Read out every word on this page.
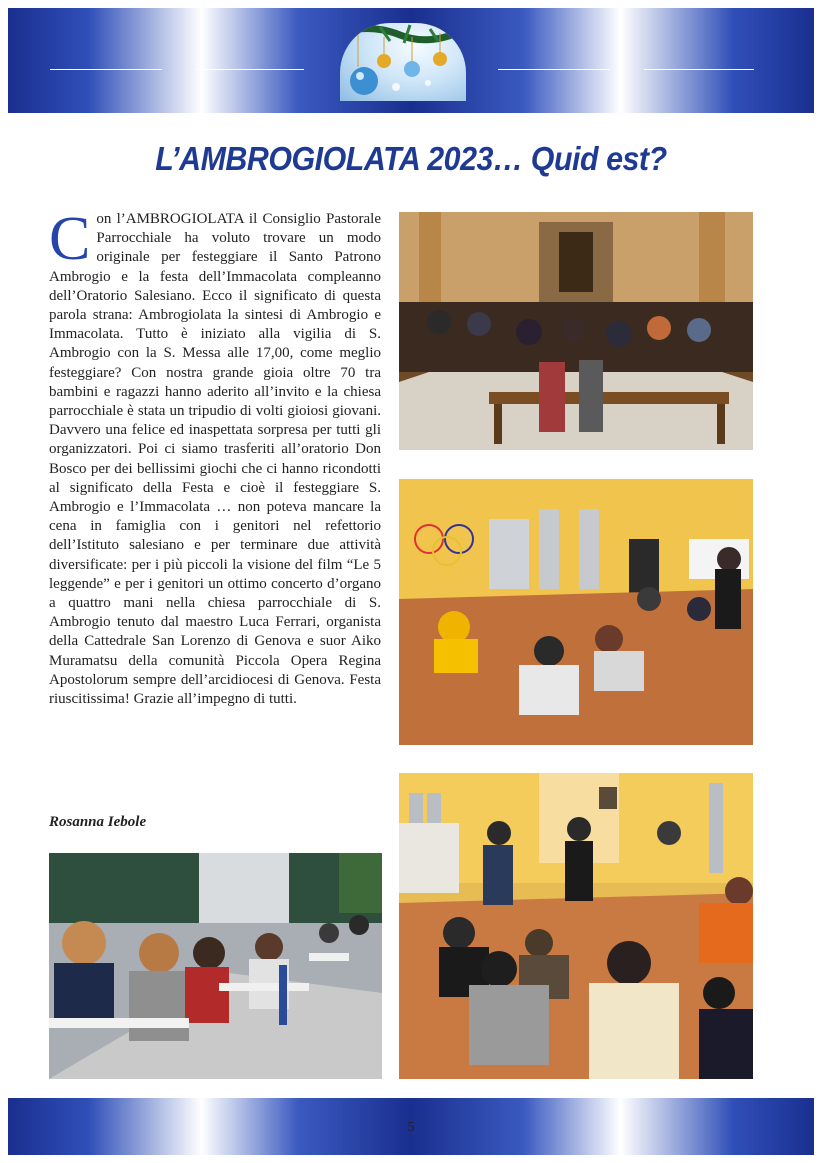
L’AMBROGIOLATA 2023… Quid est?
Con l’AMBROGIOLATA il Consiglio Pastorale Parrocchiale ha voluto trovare un modo originale per festeggiare il Santo Patrono Ambrogio e la festa dell’Immacolata compleanno dell’Oratorio Salesiano. Ecco il significato di questa parola strana: Ambrogiolata la sintesi di Ambrogio e Immacolata. Tutto è iniziato alla vigilia di S. Ambrogio con la S. Messa alle 17,00, come meglio festeggiare? Con nostra grande gioia oltre 70 tra bambini e ragazzi hanno aderito all’invito e la chiesa parrocchiale è stata un tripudio di volti gioiosi giovani. Davvero una felice ed inaspettata sorpresa per tutti gli organizzatori. Poi ci siamo trasferiti all’oratorio Don Bosco per dei bellissimi giochi che ci hanno ricondotti al significato della Festa e cioè il festeggiare S. Ambrogio e l’Immacolata … non poteva mancare la cena in famiglia con i genitori nel refettorio dell’Istituto salesiano e per terminare due attività diversificate: per i più piccoli la visione del film “Le 5 leggende” e per i genitori un ottimo concerto d’organo a quattro mani nella chiesa parrocchiale di S. Ambrogio tenuto dal maestro Luca Ferrari, organista della Cattedrale San Lorenzo di Genova e suor Aiko Muramatsu della comunità Piccola Opera Regina Apostolorum sempre dell’arcidiocesi di Genova. Festa riuscitissima! Grazie all’impegno di tutti.
Rosanna Iebole
5
